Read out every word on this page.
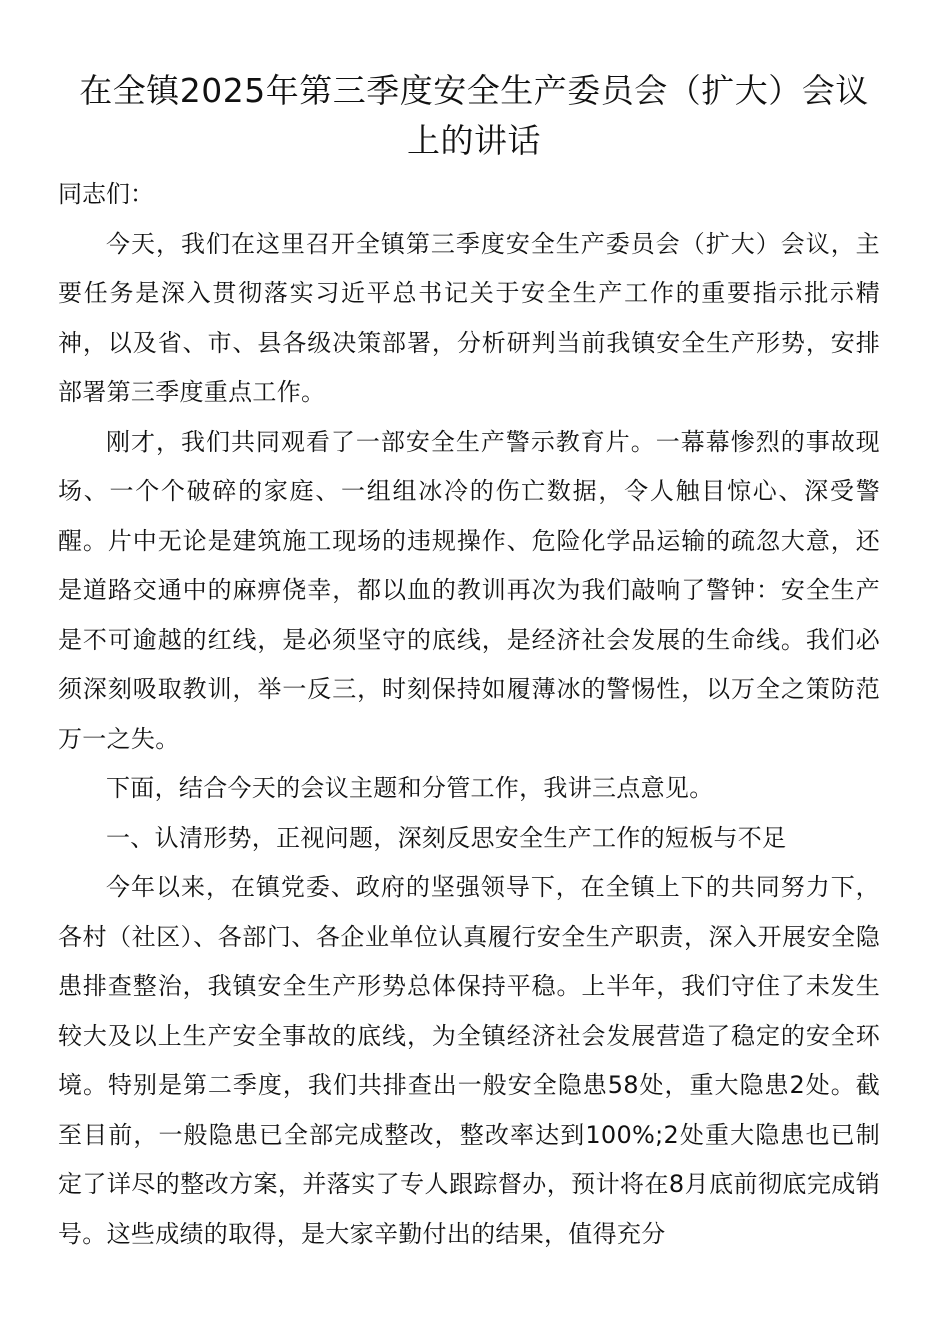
在全镇2025年第三季度安全生产委员会（扩大）会议上的讲话

同志们：

今天，我们在这里召开全镇第三季度安全生产委员会（扩大）会议，主要任务是深入贯彻落实习近平总书记关于安全生产工作的重要指示批示精神，以及省、市、县各级决策部署，分析研判当前我镇安全生产形势，安排部署第三季度重点工作。

刚才，我们共同观看了一部安全生产警示教育片。一幕幕惨烈的事故现场、一个个破碎的家庭、一组组冰冷的伤亡数据，令人触目惊心、深受警醒。片中无论是建筑施工现场的违规操作、危险化学品运输的疏忽大意，还是道路交通中的麻痹侥幸，都以血的教训再次为我们敲响了警钟：安全生产是不可逾越的红线，是必须坚守的底线，是经济社会发展的生命线。我们必须深刻吸取教训，举一反三，时刻保持如履薄冰的警惕性，以万全之策防范万一之失。

下面，结合今天的会议主题和分管工作，我讲三点意见。

一、认清形势，正视问题，深刻反思安全生产工作的短板与不足

今年以来，在镇党委、政府的坚强领导下，在全镇上下的共同努力下，各村（社区）、各部门、各企业单位认真履行安全生产职责，深入开展安全隐患排查整治，我镇安全生产形势总体保持平稳。上半年，我们守住了未发生较大及以上生产安全事故的底线，为全镇经济社会发展营造了稳定的安全环境。特别是第二季度，我们共排查出一般安全隐患58处，重大隐患2处。截至目前，一般隐患已全部完成整改，整改率达到100%;2处重大隐患也已制定了详尽的整改方案，并落实了专人跟踪督办，预计将在8月底前彻底完成销号。这些成绩的取得，是大家辛勤付出的结果，值得充分
